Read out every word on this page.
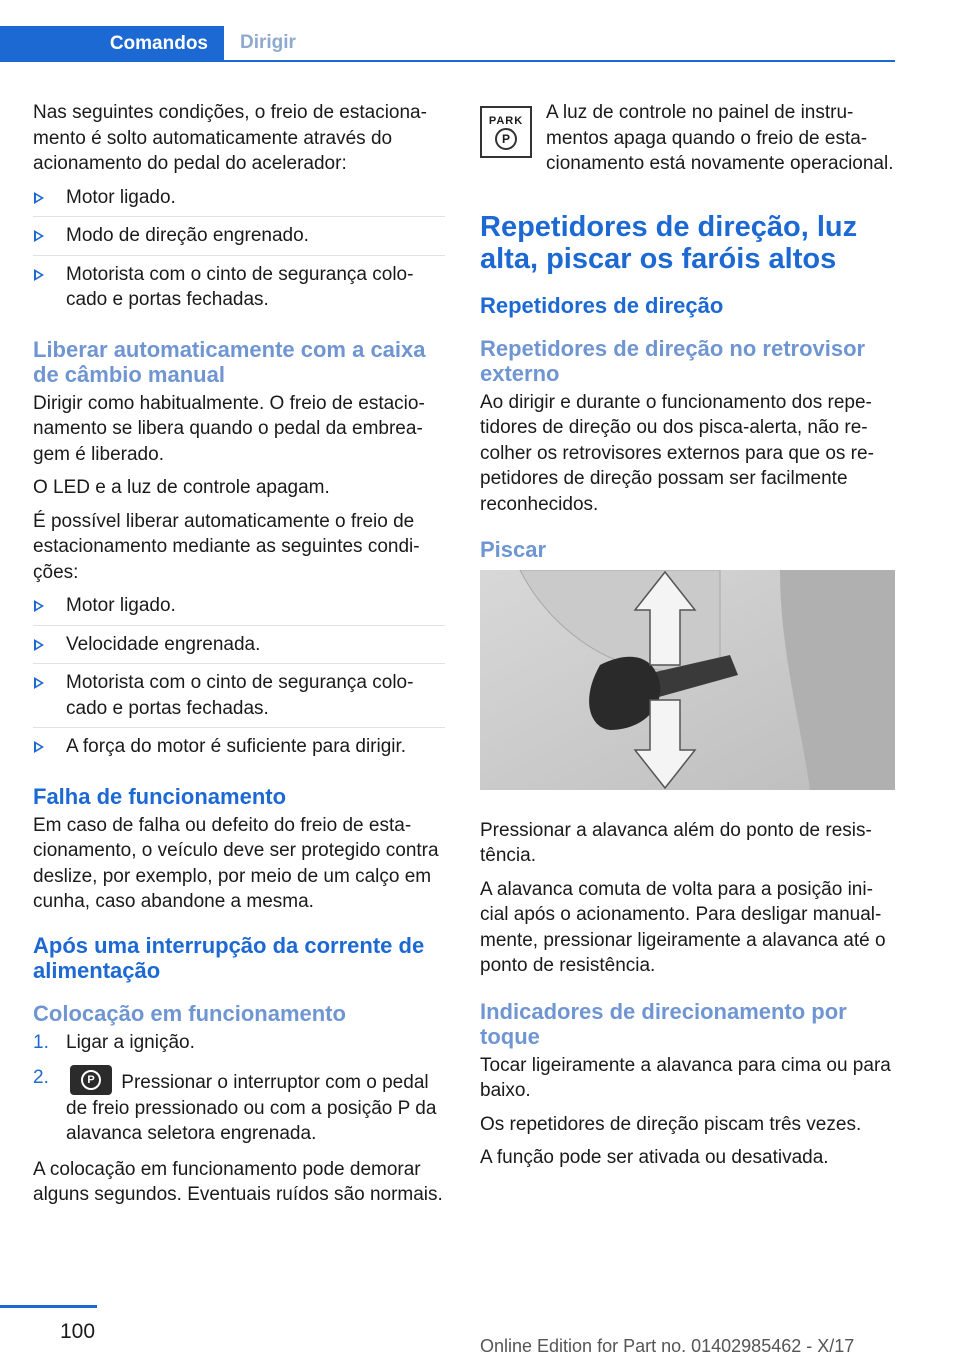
Comandos	Dirigir

Nas seguintes condições, o freio de estacionamento é solto automaticamente através do acionamento do pedal do acelerador:

Motor ligado.
Modo de direção engrenado.
Motorista com o cinto de segurança colocado e portas fechadas.
Liberar automaticamente com a caixa de câmbio manual

Dirigir como habitualmente. O freio de estacionamento se libera quando o pedal da embreagem é liberado.

O LED e a luz de controle apagam.

É possível liberar automaticamente o freio de estacionamento mediante as seguintes condições:

Motor ligado.
Velocidade engrenada.
Motorista com o cinto de segurança colocado e portas fechadas.
A força do motor é suficiente para dirigir.
Falha de funcionamento

Em caso de falha ou defeito do freio de estacionamento, o veículo deve ser protegido contra deslize, por exemplo, por meio de um calço em cunha, caso abandone a mesma.

Após uma interrupção da corrente de alimentação
Colocação em funcionamento
1. Ligar a ignição.
2.	P	Pressionar o interruptor com o pedal de freio pressionado ou com a posição P da alavanca seletora engrenada.

A colocação em funcionamento pode demorar alguns segundos. Eventuais ruídos são normais.

PARK
P

A luz de controle no painel de instrumentos apaga quando o freio de estacionamento está novamente operacional.

Repetidores de direção, luz alta, piscar os faróis altos
Repetidores de direção
Repetidores de direção no retrovisor externo

Ao dirigir e durante o funcionamento dos repetidores de direção ou dos pisca-alerta, não recolher os retrovisores externos para que os repetidores de direção possam ser facilmente reconhecidos.

Piscar

Pressionar a alavanca além do ponto de resistência.

A alavanca comuta de volta para a posição inicial após o acionamento. Para desligar manualmente, pressionar ligeiramente a alavanca até o ponto de resistência.

Indicadores de direcionamento por toque

Tocar ligeiramente a alavanca para cima ou para baixo.

Os repetidores de direção piscam três vezes.

A função pode ser ativada ou desativada.

100
Online Edition for Part no. 01402985462 - X/17
